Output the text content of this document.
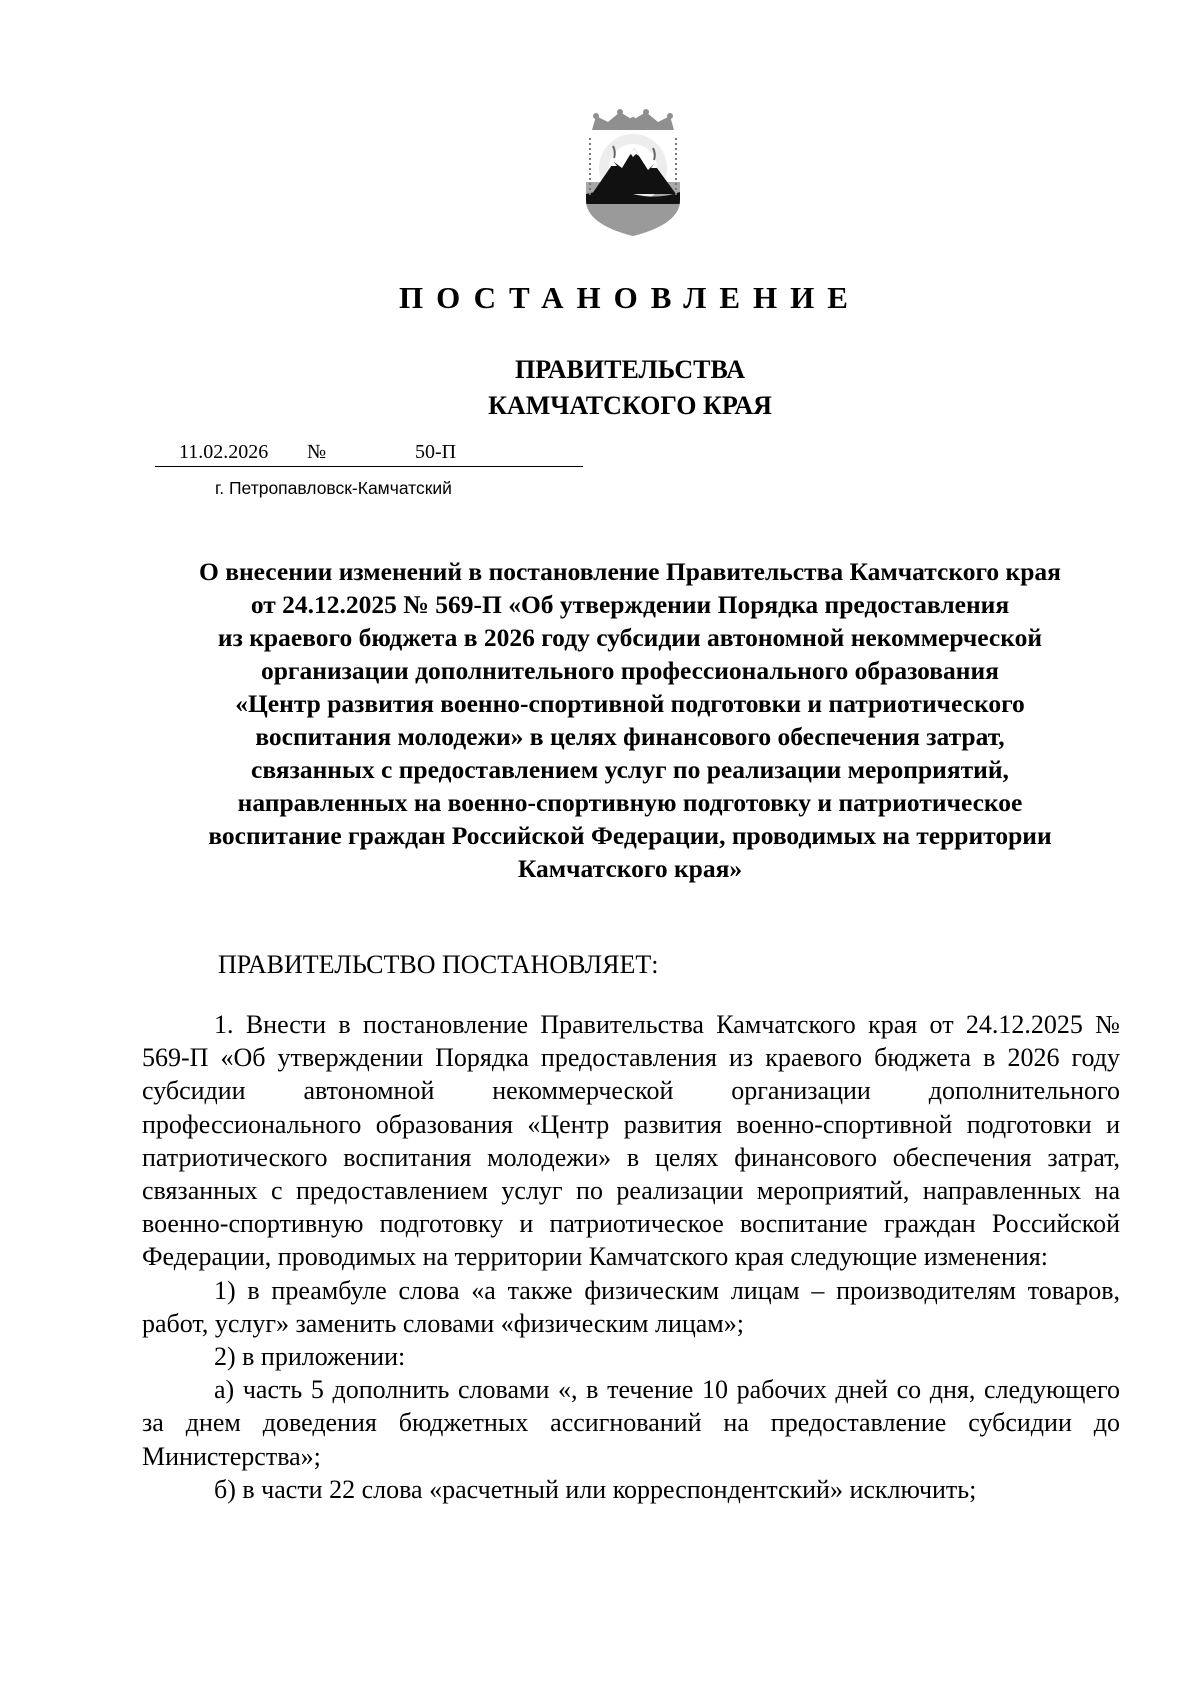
ПОСТАНОВЛЕНИЕ
ПРАВИТЕЛЬСТВА
КАМЧАТСКОГО КРАЯ
11.02.2026 №	50-П
г. Петропавловск-Камчатский
О внесении изменений в постановление Правительства Камчатского края
от 24.12.2025 № 569-П «Об утверждении Порядка предоставления
из краевого бюджета в 2026 году субсидии автономной некоммерческой
организации дополнительного профессионального образования
«Центр развития военно-спортивной подготовки и патриотического
воспитания молодежи» в целях финансового обеспечения затрат,
связанных с предоставлением услуг по реализации мероприятий,
направленных на военно-спортивную подготовку и патриотическое
воспитание граждан Российской Федерации, проводимых на территории
Камчатского края»
ПРАВИТЕЛЬСТВО ПОСТАНОВЛЯЕТ:

1. Внести в постановление Правительства Камчатского края от 24.12.2025 № 569-П «Об утверждении Порядка предоставления из краевого бюджета в 2026 году субсидии автономной некоммерческой организации дополнительного профессионального образования «Центр развития военно-спортивной подготовки и патриотического воспитания молодежи» в целях финансового обеспечения затрат, связанных с предоставлением услуг по реализации мероприятий, направленных на военно-спортивную подготовку и патриотическое воспитание граждан Российской Федерации, проводимых на территории Камчатского края следующие изменения:

1) в преамбуле слова «а также физическим лицам – производителям товаров, работ, услуг» заменить словами «физическим лицам»;

2) в приложении:

а) часть 5 дополнить словами «, в течение 10 рабочих дней со дня, следующего за днем доведения бюджетных ассигнований на предоставление субсидии до Министерства»;

б) в части 22 слова «расчетный или корреспондентский» исключить;
